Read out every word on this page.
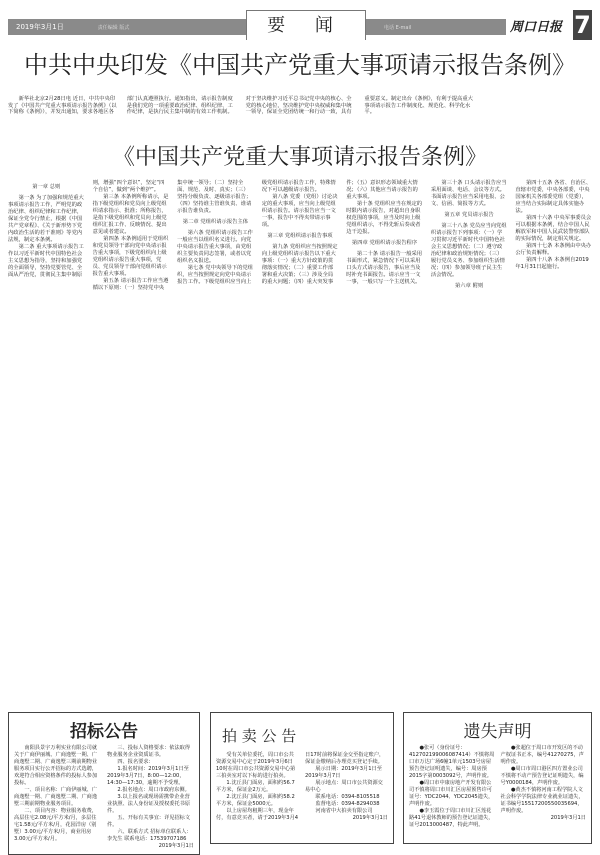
2019年3月1日	责任编辑 版式	要 闻	电话 E-mail	周口日报 7
中共中央印发《中国共产党重大事项请示报告条例》
新华社北京2月28日电 近日，中共中央印发了《中国共产党重大事项请示报告条例》（以下简称《条例》），并发出通知，要求各地区各部门认真遵照执行。通知指出，请示报告制度是我们党的一项重要政治纪律、组织纪律、工作纪律，是执行民主集中制的有效工作机制。对于坚决维护习近平总书记党中央的核心、全党的核心地位，坚决维护党中央权威和集中统一领导，保证全党团结统一和行动一致，具有重要意义。制定出台《条例》，有利于提高重大事项请示报告工作制度化、规范化、科学化水平。
《中国共产党重大事项请示报告条例》

第一章 总则

第一条 为了加强和规范重大事项请示报告工作，严明党的政治纪律、组织纪律和工作纪律，保证全党令行禁止，根据《中国共产党章程》、《关于新形势下党内政治生活的若干准则》等党内法规，制定本条例。

第二条 重大事项请示报告工作以习近平新时代中国特色社会主义思想为指导，坚持和加强党的全面领导，坚持党要管党、全面从严治党，贯彻民主集中制原则，增强“四个意识”，坚定“四个自信”，做到“两个维护”。

第三条 本条例所称请示，是指下级党组织和党员向上级党组织请求指示、批准；所称报告，是指下级党组织和党员向上级党组织汇报工作、反映情况、提出意见或者建议。

第四条 本条例适用于党组织和党员领导干部向党中央请示报告重大事项，下级党组织向上级党组织请示报告重大事项，党员、党员领导干部向党组织请示报告重大事项。

第五条 请示报告工作应当遵循以下原则：（一）坚持党中央集中统一领导；（二）坚持全面、规范、及时、真实；（三）坚持分级负责、逐级请示报告；（四）坚持谁主管谁负责、谁请示报告谁负责。

第二章 党组织请示报告主体

第六条 党组织请示报告工作一般应当以组织名义进行。向党中央请示报告重大事项，由党组织主要负责同志签署，或者以党组织名义报送。

第七条 党中央领导下的党组织，应当按照规定向党中央请示报告工作。下级党组织应当向上级党组织请示报告工作，特殊情况下可以越级请示报告。

第八条 党委（党组）讨论决定的重大事项，应当向上级党组织请示报告。请示报告应当一文一事，报告中不得夹带请示事项。

第三章 党组织请示报告事项

第九条 党组织应当按照规定向上级党组织请示报告以下重大事项：（一）重大方针政策的贯彻落实情况；（二）重要工作部署和重大决策；（三）涉及全局的重大问题；（四）重大突发事件；（五）意识形态领域重大情况；（六）其他应当请示报告的重大事项。

第十条 党组织应当在规定的时限内请示报告，对超出自身职权范围的事项，应当及时向上级党组织请示，不得先斩后奏或者边干边报。

第四章 党组织请示报告程序

第二十条 请示报告一般采用书面形式，紧急情况下可以采用口头方式请示报告，事后应当及时补充书面报告。请示应当一文一事，一般只写一个主送机关。

第三十条 口头请示报告应当采用面谈、电话、会议等方式。书面请示报告应当采用电报、公文、信函、简报等方式。

第五章 党员请示报告

第三十八条 党员应当向党组织请示报告下列事项：（一）学习贯彻习近平新时代中国特色社会主义思想情况；（二）遵守政治纪律和政治规矩情况；（三）履行党员义务、参加组织生活情况；（四）参加领导班子民主生活会情况。

第六章 附则

第四十五条 各省、自治区、直辖市党委，中央各部委，中央国家机关各部委党组（党委），应当结合实际制定具体实施办法。

第四十六条 中央军事委员会可以根据本条例，结合中国人民解放军和中国人民武装警察部队的实际情况，制定相关规定。

第四十七条 本条例由中央办公厅负责解释。

第四十八条 本条例自2019年1月31日起施行。

招标公告

南阳县景宇万利实业有限公司就关于广商伊丽城、广商逸墅一期、广商逸墅二期、广商逸墅三期前期物业服务项目实行公开招标的方式选聘，欢迎符合相应资格条件的投标人参加投标。

一、项目名称：广商伊丽城、广商逸墅一期、广商逸墅二期、广商逸墅三期前期物业服务项目。

二、项目内容：物业服务收费，高层住宅2.08元/平方米/月，多层住宅1.58元/平方米/月，花园洋房（别墅）3.00元/平方米/月，商业用房3.00元/平方米/月。

三、投标人资格要求：依法取得物业服务企业资质证书。

四、报名要求：

1.报名时间：2019年3月1日至2019年3月7日，8:00—12:00，14:30—17:30，逾期不予受理。

2.报名地点：周口市政府东侧。

3.以上报名或现场需携带企业营业执照、法人身份证及授权委托书原件。

五、开标有关事宜：详见招标文件。

六、联系方式 招标单位联系人：李先生 联系电话：17539707186

2019年3月1日

拍 卖 公 告

受有关单位委托，周口市公共资源交易中心定于2019年3月6日10时在周口市公共资源交易中心第三拍卖室对以下标的进行拍卖。

1.沈丘县门面房，面积约56.7平方米，保证金2万元。

2.沈丘县门面房，面积约58.2平方米，保证金5000元。

以上房屋均租期三年，现金年付，有意竞买者，请于2019年3月4日17时前将保证金交至指定账户，保证金缴纳后办理竞买登记手续。

展示日期：2019年3月1日至2019年3月7日

展示地点：周口市公共资源交易中心

联系电话：0394-8105518

监督电话：0394-8294038

河南省中大拍卖有限公司

2019年3月1日

遗失声明

●张可（身份证号：412702199006087414）不慎将周口市万达广场6幢1单元1503号房屋预告登记证明遗失，编号：周房预2015字第0003092号，声明作废。

●周口市中康房地产开发有限公司不慎将周口市川汇区房屋预售许可证号：YDC2044、YDC2045遗失，声明作废。

●李玉霞位于周口市川汇区莲花路41号退休教师的预告登记证遗失，证号2013000487，特此声明。

●张超位于周口市开发区的不动产权证书正本，编号41270275，声明作废。

●周口市周口港区四方置业公司不慎将不动产预告登记证明遗失，编号Y0000184，声明作废。

●黄杰不慎将河南工程学院人文社会科学学院法律专业就业证遗失，证书编号15517200550035694，声明作废。

2019年3月1日
